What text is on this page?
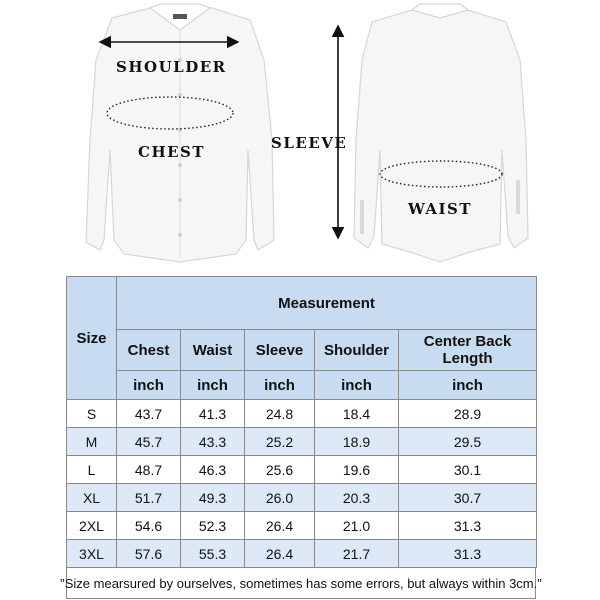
SHOULDER
CHEST	SLEEVE
WAIST
Size	Measurement				
	Chest	Waist	Sleeve	Shoulder	Center Back Length
	inch	inch	inch	inch	inch
S	43.7	41.3	24.8	18.4	28.9
M	45.7	43.3	25.2	18.9	29.5
L	48.7	46.3	25.6	19.6	30.1
XL	51.7	49.3	26.0	20.3	30.7
2XL	54.6	52.3	26.4	21.0	31.3
3XL	57.6	55.3	26.4	21.7	31.3
"Size mearsured by ourselves, sometimes has some errors, but always within 3cm."
